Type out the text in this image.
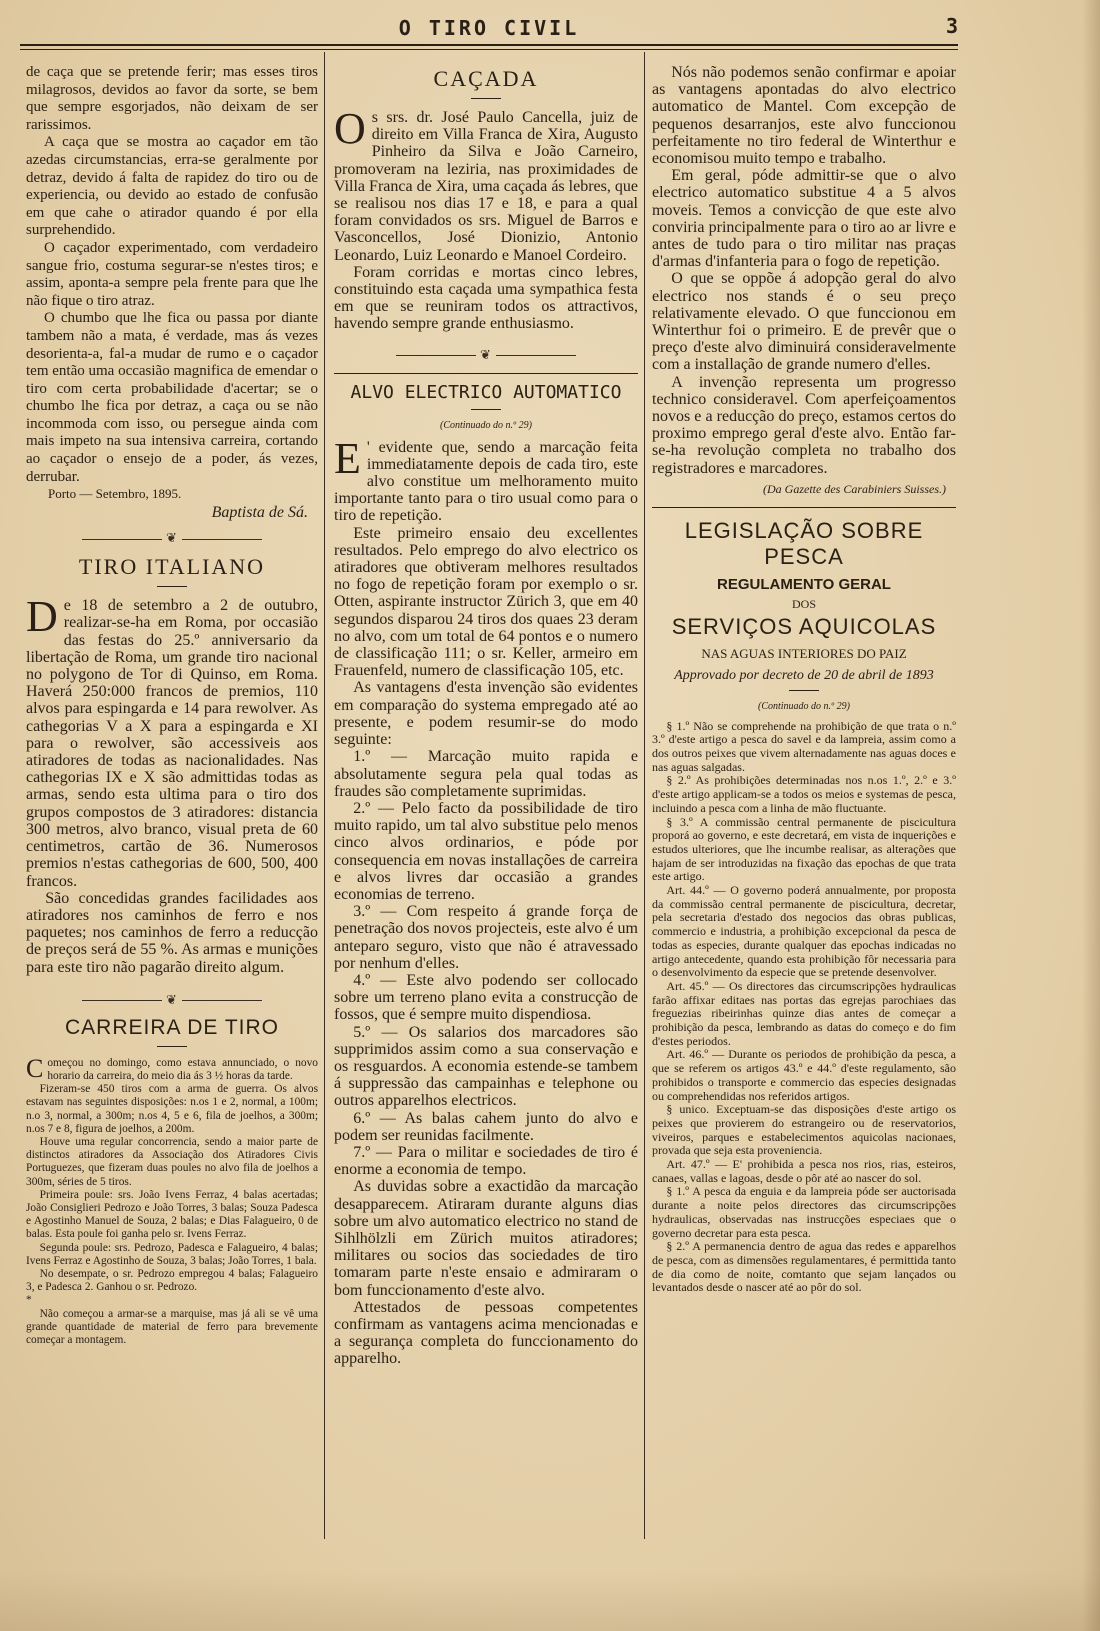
O TIRO CIVIL	3

de caça que se pretende ferir; mas esses tiros milagrosos, devidos ao favor da sorte, se bem que sempre esgorjados, não deixam de ser rarissimos.

A caça que se mostra ao caçador em tão azedas circumstancias, erra-se geralmente por detraz, devido á falta de rapidez do tiro ou de experiencia, ou devido ao estado de confusão em que cahe o atirador quando é por ella surprehendido.

O caçador experimentado, com verdadeiro sangue frio, costuma segurar-se n'estes tiros; e assim, aponta-a sempre pela frente para que lhe não fique o tiro atraz.

O chumbo que lhe fica ou passa por diante tambem não a mata, é verdade, mas ás vezes desorienta-a, fal-a mudar de rumo e o caçador tem então uma occasião magnifica de emendar o tiro com certa probabilidade d'acertar; se o chumbo lhe fica por detraz, a caça ou se não incommoda com isso, ou persegue ainda com mais impeto na sua intensiva carreira, cortando ao caçador o ensejo de a poder, ás vezes, derrubar.

Porto — Setembro, 1895.
Baptista de Sá.
❦
TIRO ITALIANO
De 18 de setembro a 2 de outubro, realizar-se-ha em Roma, por occasião das festas do 25.º anniversario da libertação de Roma, um grande tiro nacional no polygono de Tor di Quinso, em Roma. Haverá 250:000 francos de premios, 110 alvos para espingarda e 14 para rewolver. As cathegorias V a X para a espingarda e XI para o rewolver, são accessiveis aos atiradores de todas as nacionalidades. Nas cathegorias IX e X são admittidas todas as armas, sendo esta ultima para o tiro dos grupos compostos de 3 atiradores: distancia 300 metros, alvo branco, visual preta de 60 centimetros, cartão de 36. Numerosos premios n'estas cathegorias de 600, 500, 400 francos.

São concedidas grandes facilidades aos atiradores nos caminhos de ferro e nos paquetes; nos caminhos de ferro a reducção de preços será de 55 %. As armas e munições para este tiro não pagarão direito algum.

❦
CARREIRA DE TIRO
Começou no domingo, como estava annunciado, o novo horario da carreira, do meio dia ás 3 ½ horas da tarde.

Fizeram-se 450 tiros com a arma de guerra. Os alvos estavam nas seguintes disposições: n.os 1 e 2, normal, a 100m; n.o 3, normal, a 300m; n.os 4, 5 e 6, fila de joelhos, a 300m; n.os 7 e 8, figura de joelhos, a 200m.

Houve uma regular concorrencia, sendo a maior parte de distinctos atiradores da Associação dos Atiradores Civis Portuguezes, que fizeram duas poules no alvo fila de joelhos a 300m, séries de 5 tiros.

Primeira poule: srs. João Ivens Ferraz, 4 balas acertadas; João Consiglieri Pedrozo e João Torres, 3 balas; Souza Padesca e Agostinho Manuel de Souza, 2 balas; e Dias Falagueiro, 0 de balas. Esta poule foi ganha pelo sr. Ivens Ferraz.

Segunda poule: srs. Pedrozo, Padesca e Falagueiro, 4 balas; Ivens Ferraz e Agostinho de Souza, 3 balas; João Torres, 1 bala.

No desempate, o sr. Pedrozo empregou 4 balas; Falagueiro 3, e Padesca 2. Ganhou o sr. Pedrozo.

*

Não começou a armar-se a marquise, mas já ali se vê uma grande quantidade de material de ferro para brevemente começar a montagem.

CAÇADA
Os srs. dr. José Paulo Cancella, juiz de direito em Villa Franca de Xira, Augusto Pinheiro da Silva e João Carneiro, promoveram na leziria, nas proximidades de Villa Franca de Xira, uma caçada ás lebres, que se realisou nos dias 17 e 18, e para a qual foram convidados os srs. Miguel de Barros e Vasconcellos, José Dionizio, Antonio Leonardo, Luiz Leonardo e Manoel Cordeiro.

Foram corridas e mortas cinco lebres, constituindo esta caçada uma sympathica festa em que se reuniram todos os attractivos, havendo sempre grande enthusiasmo.

❦
ALVO ELECTRICO AUTOMATICO
(Continuado do n.º 29)
E ' evidente que, sendo a marcação feita immediatamente depois de cada tiro, este alvo constitue um melhoramento muito importante tanto para o tiro usual como para o tiro de repetição.

Este primeiro ensaio deu excellentes resultados. Pelo emprego do alvo electrico os atiradores que obtiveram melhores resultados no fogo de repetição foram por exemplo o sr. Otten, aspirante instructor Zürich 3, que em 40 segundos disparou 24 tiros dos quaes 23 deram no alvo, com um total de 64 pontos e o numero de classificação 111; o sr. Keller, armeiro em Frauenfeld, numero de classificação 105, etc.

As vantagens d'esta invenção são evidentes em comparação do systema empregado até ao presente, e podem resumir-se do modo seguinte:

1.º — Marcação muito rapida e absolutamente segura pela qual todas as fraudes são completamente suprimidas.

2.º — Pelo facto da possibilidade de tiro muito rapido, um tal alvo substitue pelo menos cinco alvos ordinarios, e póde por consequencia em novas installações de carreira e alvos livres dar occasião a grandes economias de terreno.

3.º — Com respeito á grande força de penetração dos novos projecteis, este alvo é um anteparo seguro, visto que não é atravessado por nenhum d'elles.

4.º — Este alvo podendo ser collocado sobre um terreno plano evita a construcção de fossos, que é sempre muito dispendiosa.

5.º — Os salarios dos marcadores são supprimidos assim como a sua conservação e os resguardos. A economia estende-se tambem á suppressão das campainhas e telephone ou outros apparelhos electricos.

6.º — As balas cahem junto do alvo e podem ser reunidas facilmente.

7.º — Para o militar e sociedades de tiro é enorme a economia de tempo.

As duvidas sobre a exactidão da marcação desapparecem. Atiraram durante alguns dias sobre um alvo automatico electrico no stand de Sihlhölzli em Zürich muitos atiradores; militares ou socios das sociedades de tiro tomaram parte n'este ensaio e admiraram o bom funccionamento d'este alvo.

Attestados de pessoas competentes confirmam as vantagens acima mencionadas e a segurança completa do funccionamento do apparelho.

Nós não podemos senão confirmar e apoiar as vantagens apontadas do alvo electrico automatico de Mantel. Com excepção de pequenos desarranjos, este alvo funccionou perfeitamente no tiro federal de Winterthur e economisou muito tempo e trabalho.

Em geral, póde admittir-se que o alvo electrico automatico substitue 4 a 5 alvos moveis. Temos a convicção de que este alvo conviria principalmente para o tiro ao ar livre e antes de tudo para o tiro militar nas praças d'armas d'infanteria para o fogo de repetição.

O que se oppõe á adopção geral do alvo electrico nos stands é o seu preço relativamente elevado. O que funccionou em Winterthur foi o primeiro. E de prevêr que o preço d'este alvo diminuirá consideravelmente com a installação de grande numero d'elles.

A invenção representa um progresso technico consideravel. Com aperfeiçoamentos novos e a reducção do preço, estamos certos do proximo emprego geral d'este alvo. Então far-se-ha revolução completa no trabalho dos registradores e marcadores.

(Da Gazette des Carabiniers Suisses.)
LEGISLAÇÃO SOBRE PESCA
REGULAMENTO GERAL
DOS
SERVIÇOS AQUICOLAS
NAS AGUAS INTERIORES DO PAIZ
Approvado por decreto de 20 de abril de 1893
(Continuado do n.º 29)

§ 1.º Não se comprehende na prohibição de que trata o n.º 3.º d'este artigo a pesca do savel e da lampreia, assim como a dos outros peixes que vivem alternadamente nas aguas doces e nas aguas salgadas.

§ 2.º As prohibições determinadas nos n.os 1.º, 2.º e 3.º d'este artigo applicam-se a todos os meios e systemas de pesca, incluindo a pesca com a linha de mão fluctuante.

§ 3.º A commissão central permanente de piscicultura proporá ao governo, e este decretará, em vista de inquerições e estudos ulteriores, que lhe incumbe realisar, as alterações que hajam de ser introduzidas na fixação das epochas de que trata este artigo.

Art. 44.º — O governo poderá annualmente, por proposta da commissão central permanente de piscicultura, decretar, pela secretaria d'estado dos negocios das obras publicas, commercio e industria, a prohibição excepcional da pesca de todas as especies, durante qualquer das epochas indicadas no artigo antecedente, quando esta prohibição fôr necessaria para o desenvolvimento da especie que se pretende desenvolver.

Art. 45.º — Os directores das circumscripções hydraulicas farão affixar editaes nas portas das egrejas parochiaes das freguezias ribeirinhas quinze dias antes de começar a prohibição da pesca, lembrando as datas do começo e do fim d'estes periodos.

Art. 46.º — Durante os periodos de prohibição da pesca, a que se referem os artigos 43.º e 44.º d'este regulamento, são prohibidos o transporte e commercio das especies designadas ou comprehendidas nos referidos artigos.

§ unico. Exceptuam-se das disposições d'este artigo os peixes que provierem do estrangeiro ou de reservatorios, viveiros, parques e estabelecimentos aquicolas nacionaes, provada que seja esta proveniencia.

Art. 47.º — E' prohibida a pesca nos rios, rias, esteiros, canaes, vallas e lagoas, desde o pôr até ao nascer do sol.

§ 1.º A pesca da enguia e da lampreia póde ser auctorisada durante a noite pelos directores das circumscripções hydraulicas, observadas nas instrucções especiaes que o governo decretar para esta pesca.

§ 2.º A permanencia dentro de agua das redes e apparelhos de pesca, com as dimensões regulamentares, é permittida tanto de dia como de noite, comtanto que sejam lançados ou levantados desde o nascer até ao pôr do sol.
